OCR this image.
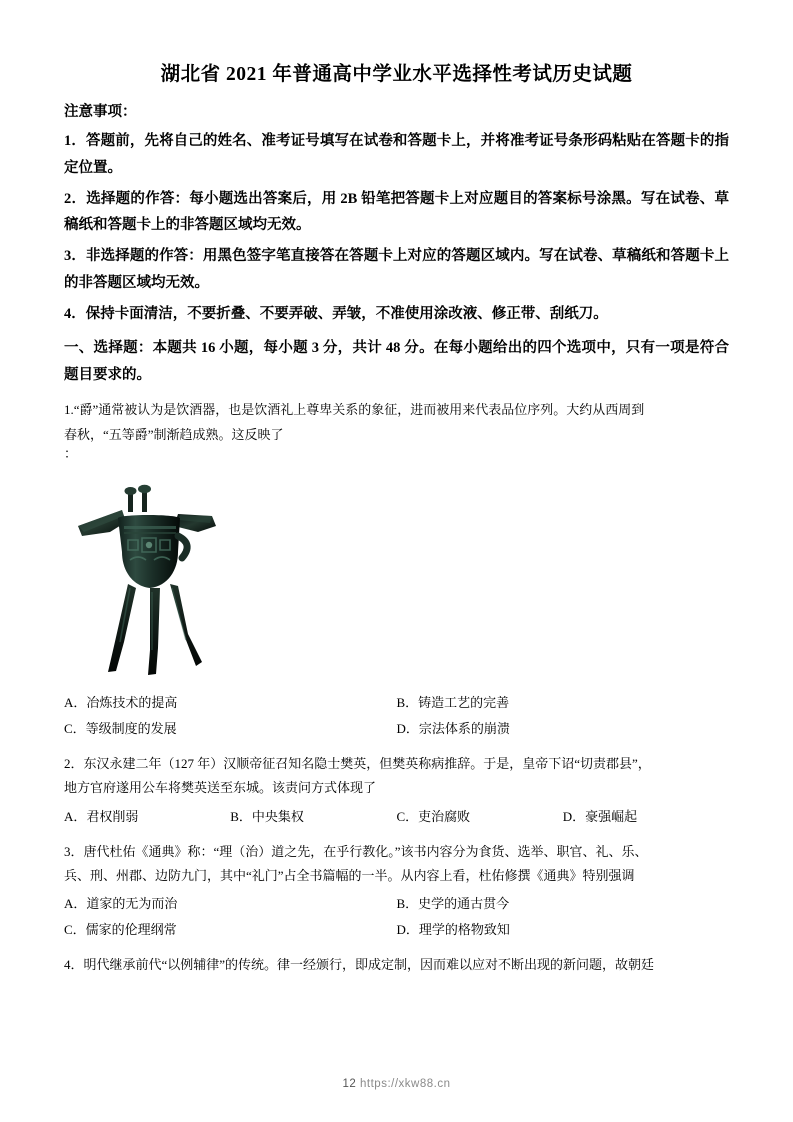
湖北省 2021 年普通高中学业水平选择性考试历史试题
注意事项：

1．答题前，先将自己的姓名、准考证号填写在试卷和答题卡上，并将准考证号条形码粘贴在答题卡的指定位置。

2．选择题的作答：每小题选出答案后，用 2B 铅笔把答题卡上对应题目的答案标号涂黑。写在试卷、草稿纸和答题卡上的非答题区域均无效。

3．非选择题的作答：用黑色签字笔直接答在答题卡上对应的答题区域内。写在试卷、草稿纸和答题卡上的非答题区域均无效。

4．保持卡面清洁，不要折叠、不要弄破、弄皱，不准使用涂改液、修正带、刮纸刀。

一、选择题：本题共 16 小题，每小题 3 分，共计 48 分。在每小题给出的四个选项中，只有一项是符合题目要求的。

1.“爵”通常被认为是饮酒器，也是饮酒礼上尊卑关系的象征，进而被用来代表品位序列。大约从西周到

春秋，“五等爵”制渐趋成熟。这反映了

：

A．冶炼技术的提高	B．铸造工艺的完善
C．等级制度的发展	D．宗法体系的崩溃

2．东汉永建二年（127 年）汉顺帝征召知名隐士樊英，但樊英称病推辞。于是，皇帝下诏“切责郡县”，

地方官府遂用公车将樊英送至东城。该责问方式体现了

A．君权削弱	B．中央集权	C．吏治腐败	D．豪强崛起

3．唐代杜佑《通典》称：“理（治）道之先，在乎行教化。”该书内容分为食货、选举、职官、礼、乐、

兵、刑、州郡、边防九门，其中“礼门”占全书篇幅的一半。从内容上看，杜佑修撰《通典》特别强调

A．道家的无为而治	B．史学的通古贯今
C．儒家的伦理纲常	D．理学的格物致知

4．明代继承前代“以例辅律”的传统。律一经颁行，即成定制，因而难以应对不断出现的新问题，故朝廷

12 https://xkw88.cn
